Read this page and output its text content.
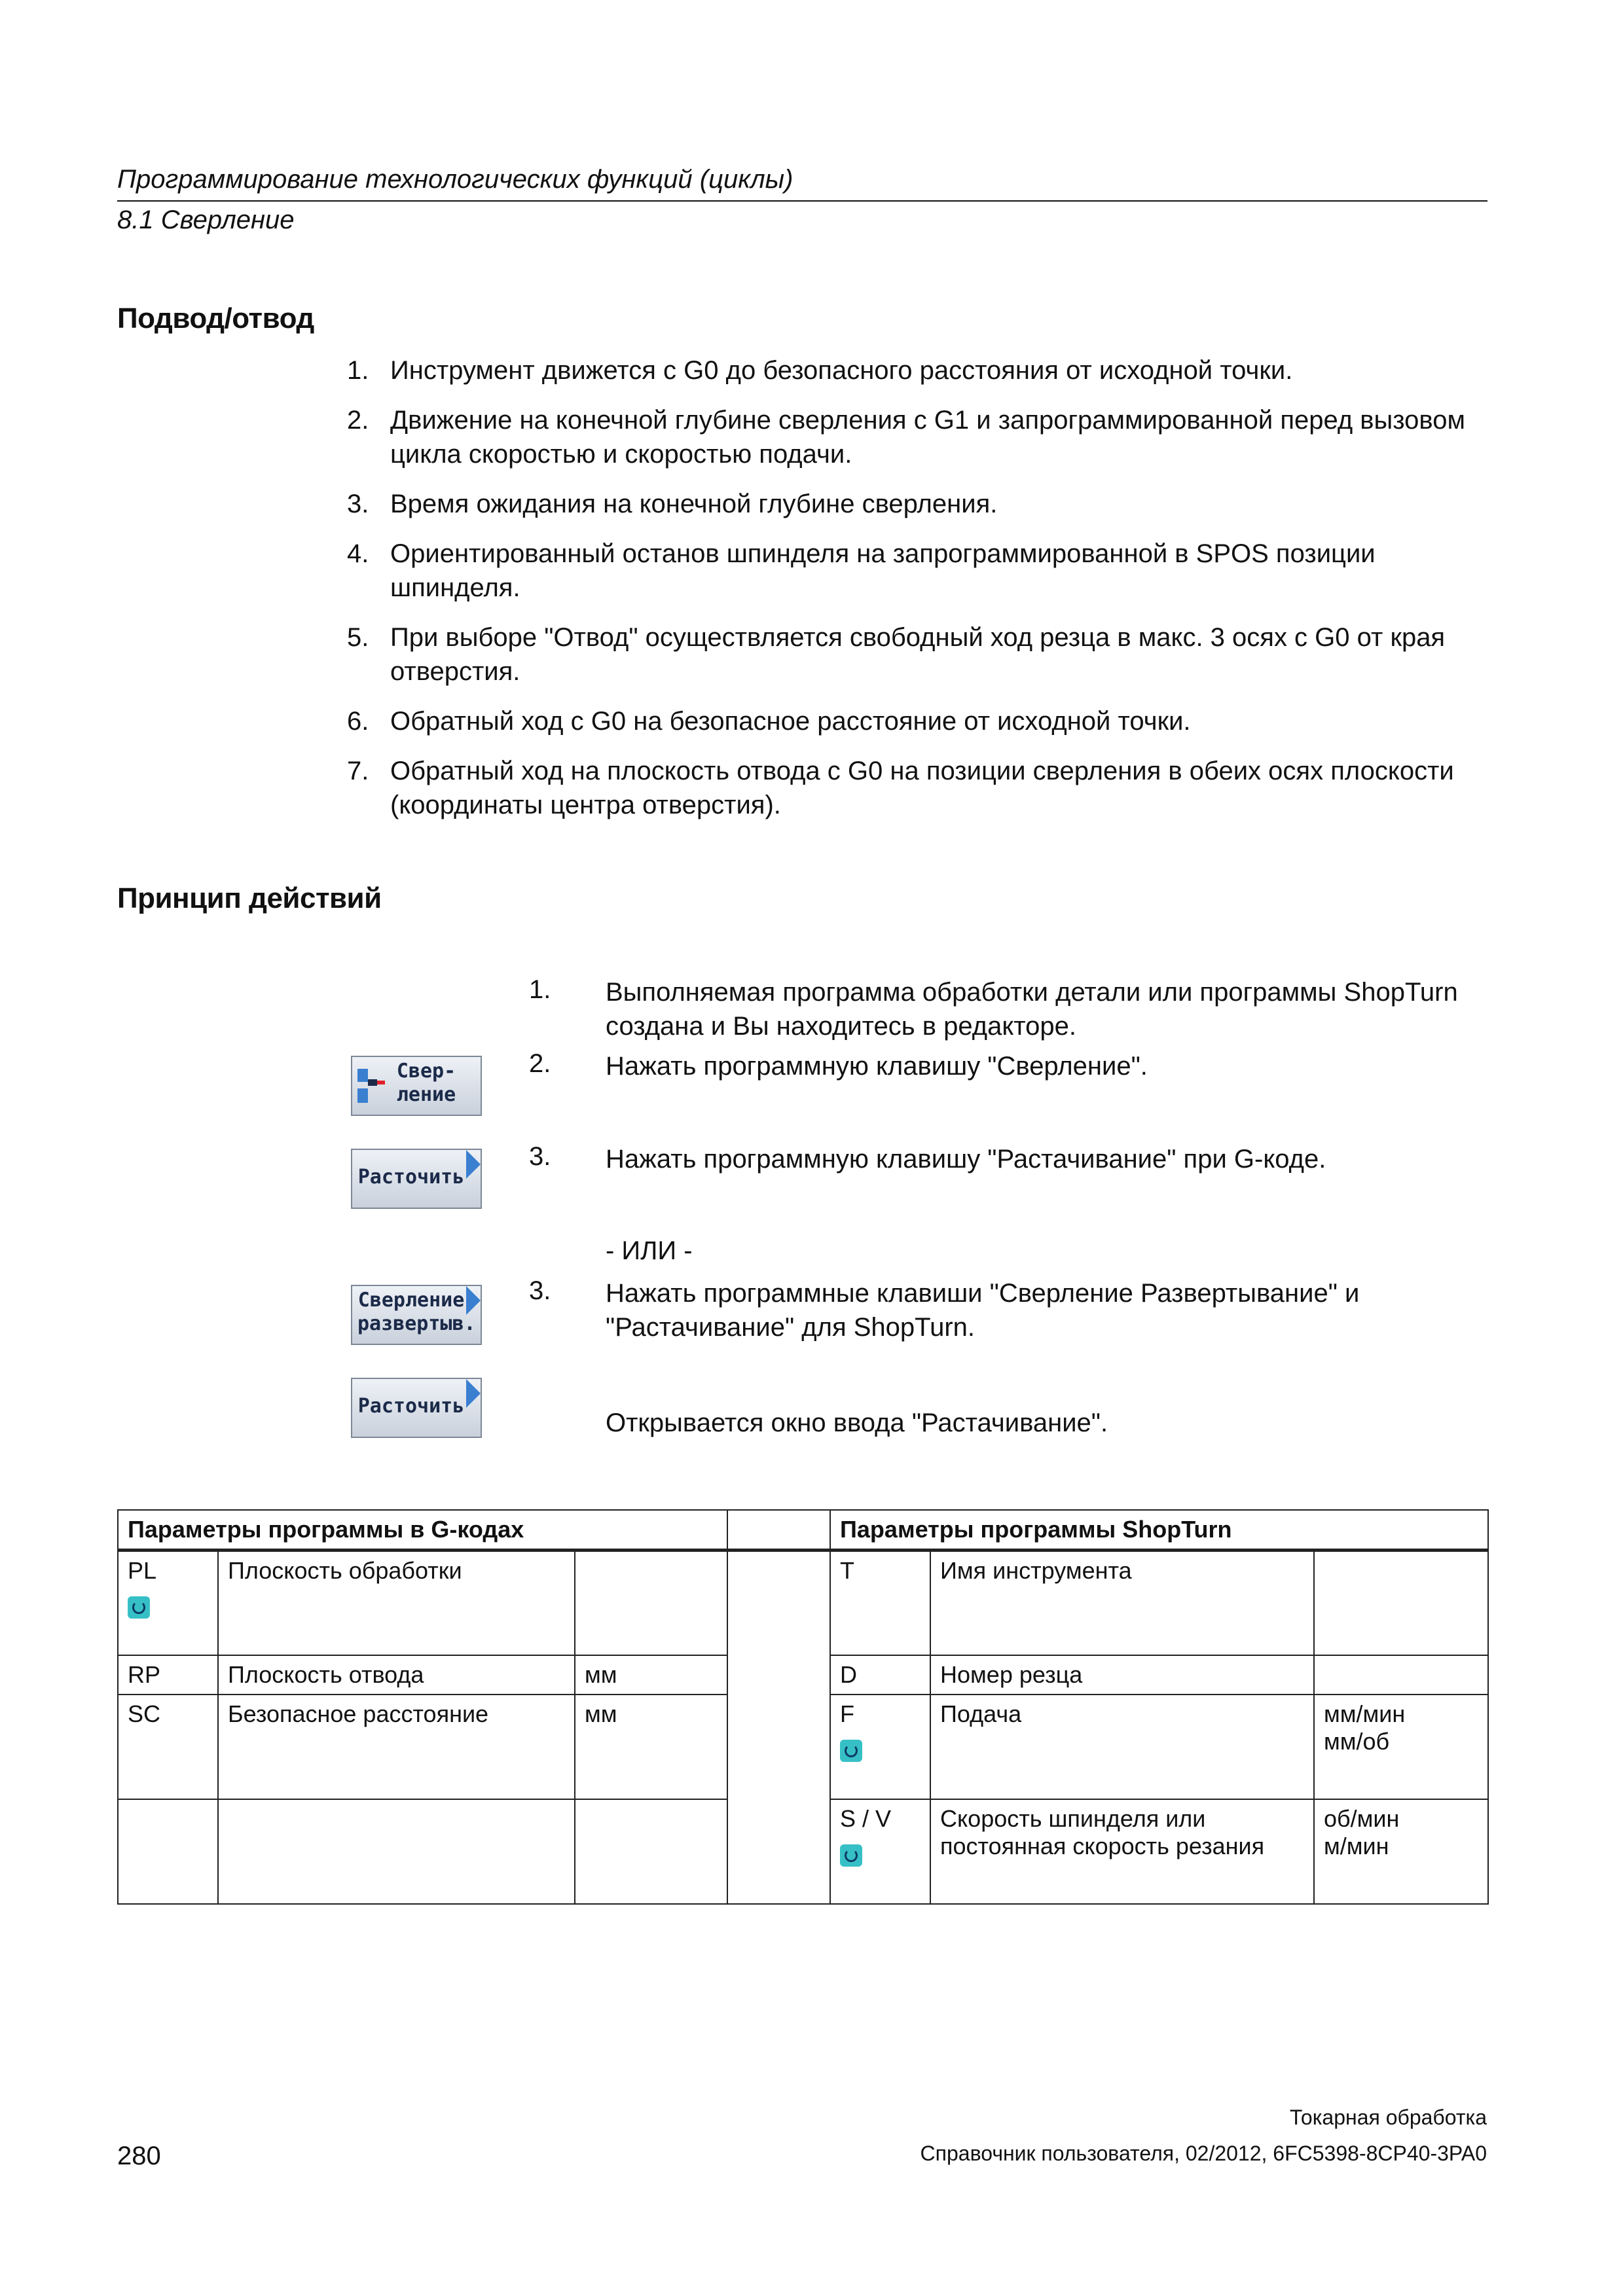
Программирование технологических функций (циклы)
8.1 Сверление
Подвод/отвод
1. Инструмент движется с G0 до безопасного расстояния от исходной точки.
2. Движение на конечной глубине сверления с G1 и запрограммированной перед вызовом цикла скоростью и скоростью подачи.
3. Время ожидания на конечной глубине сверления.
4. Ориентированный останов шпинделя на запрограммированной в SPOS позиции шпинделя.
5. При выборе "Отвод" осуществляется свободный ход резца в макс. 3 осях с G0 от края отверстия.
6. Обратный ход с G0 на безопасное расстояние от исходной точки.
7. Обратный ход на плоскость отвода с G0 на позиции сверления в обеих осях плоскости (координаты центра отверстия).
Принцип действий
1. Выполняемая программа обработки детали или программы ShopTurn создана и Вы находитесь в редакторе.
2. Нажать программную клавишу "Сверление".
3. Нажать программную клавишу "Растачивание" при G-коде.
- ИЛИ -
3. Нажать программные клавиши "Сверление Развертывание" и "Растачивание" для ShopTurn.
Открывается окно ввода "Растачивание".
Свер-
ление
Расточить
Сверление
развертыв.
Расточить
Параметры программы в G-кодах				Параметры программы ShopTurn		

PL	Плоскость обработки			T	Имя инструмента	
RP	Плоскость отвода	мм		D	Номер резца	
SC	Безопасное расстояние	мм		F	Подача	мм/мин
мм/об

				S / V	Скорость шпинделя или постоянная скорость резания	об/мин
м/мин
280
Токарная обработка
Справочник пользователя, 02/2012, 6FC5398-8CP40-3PA0
